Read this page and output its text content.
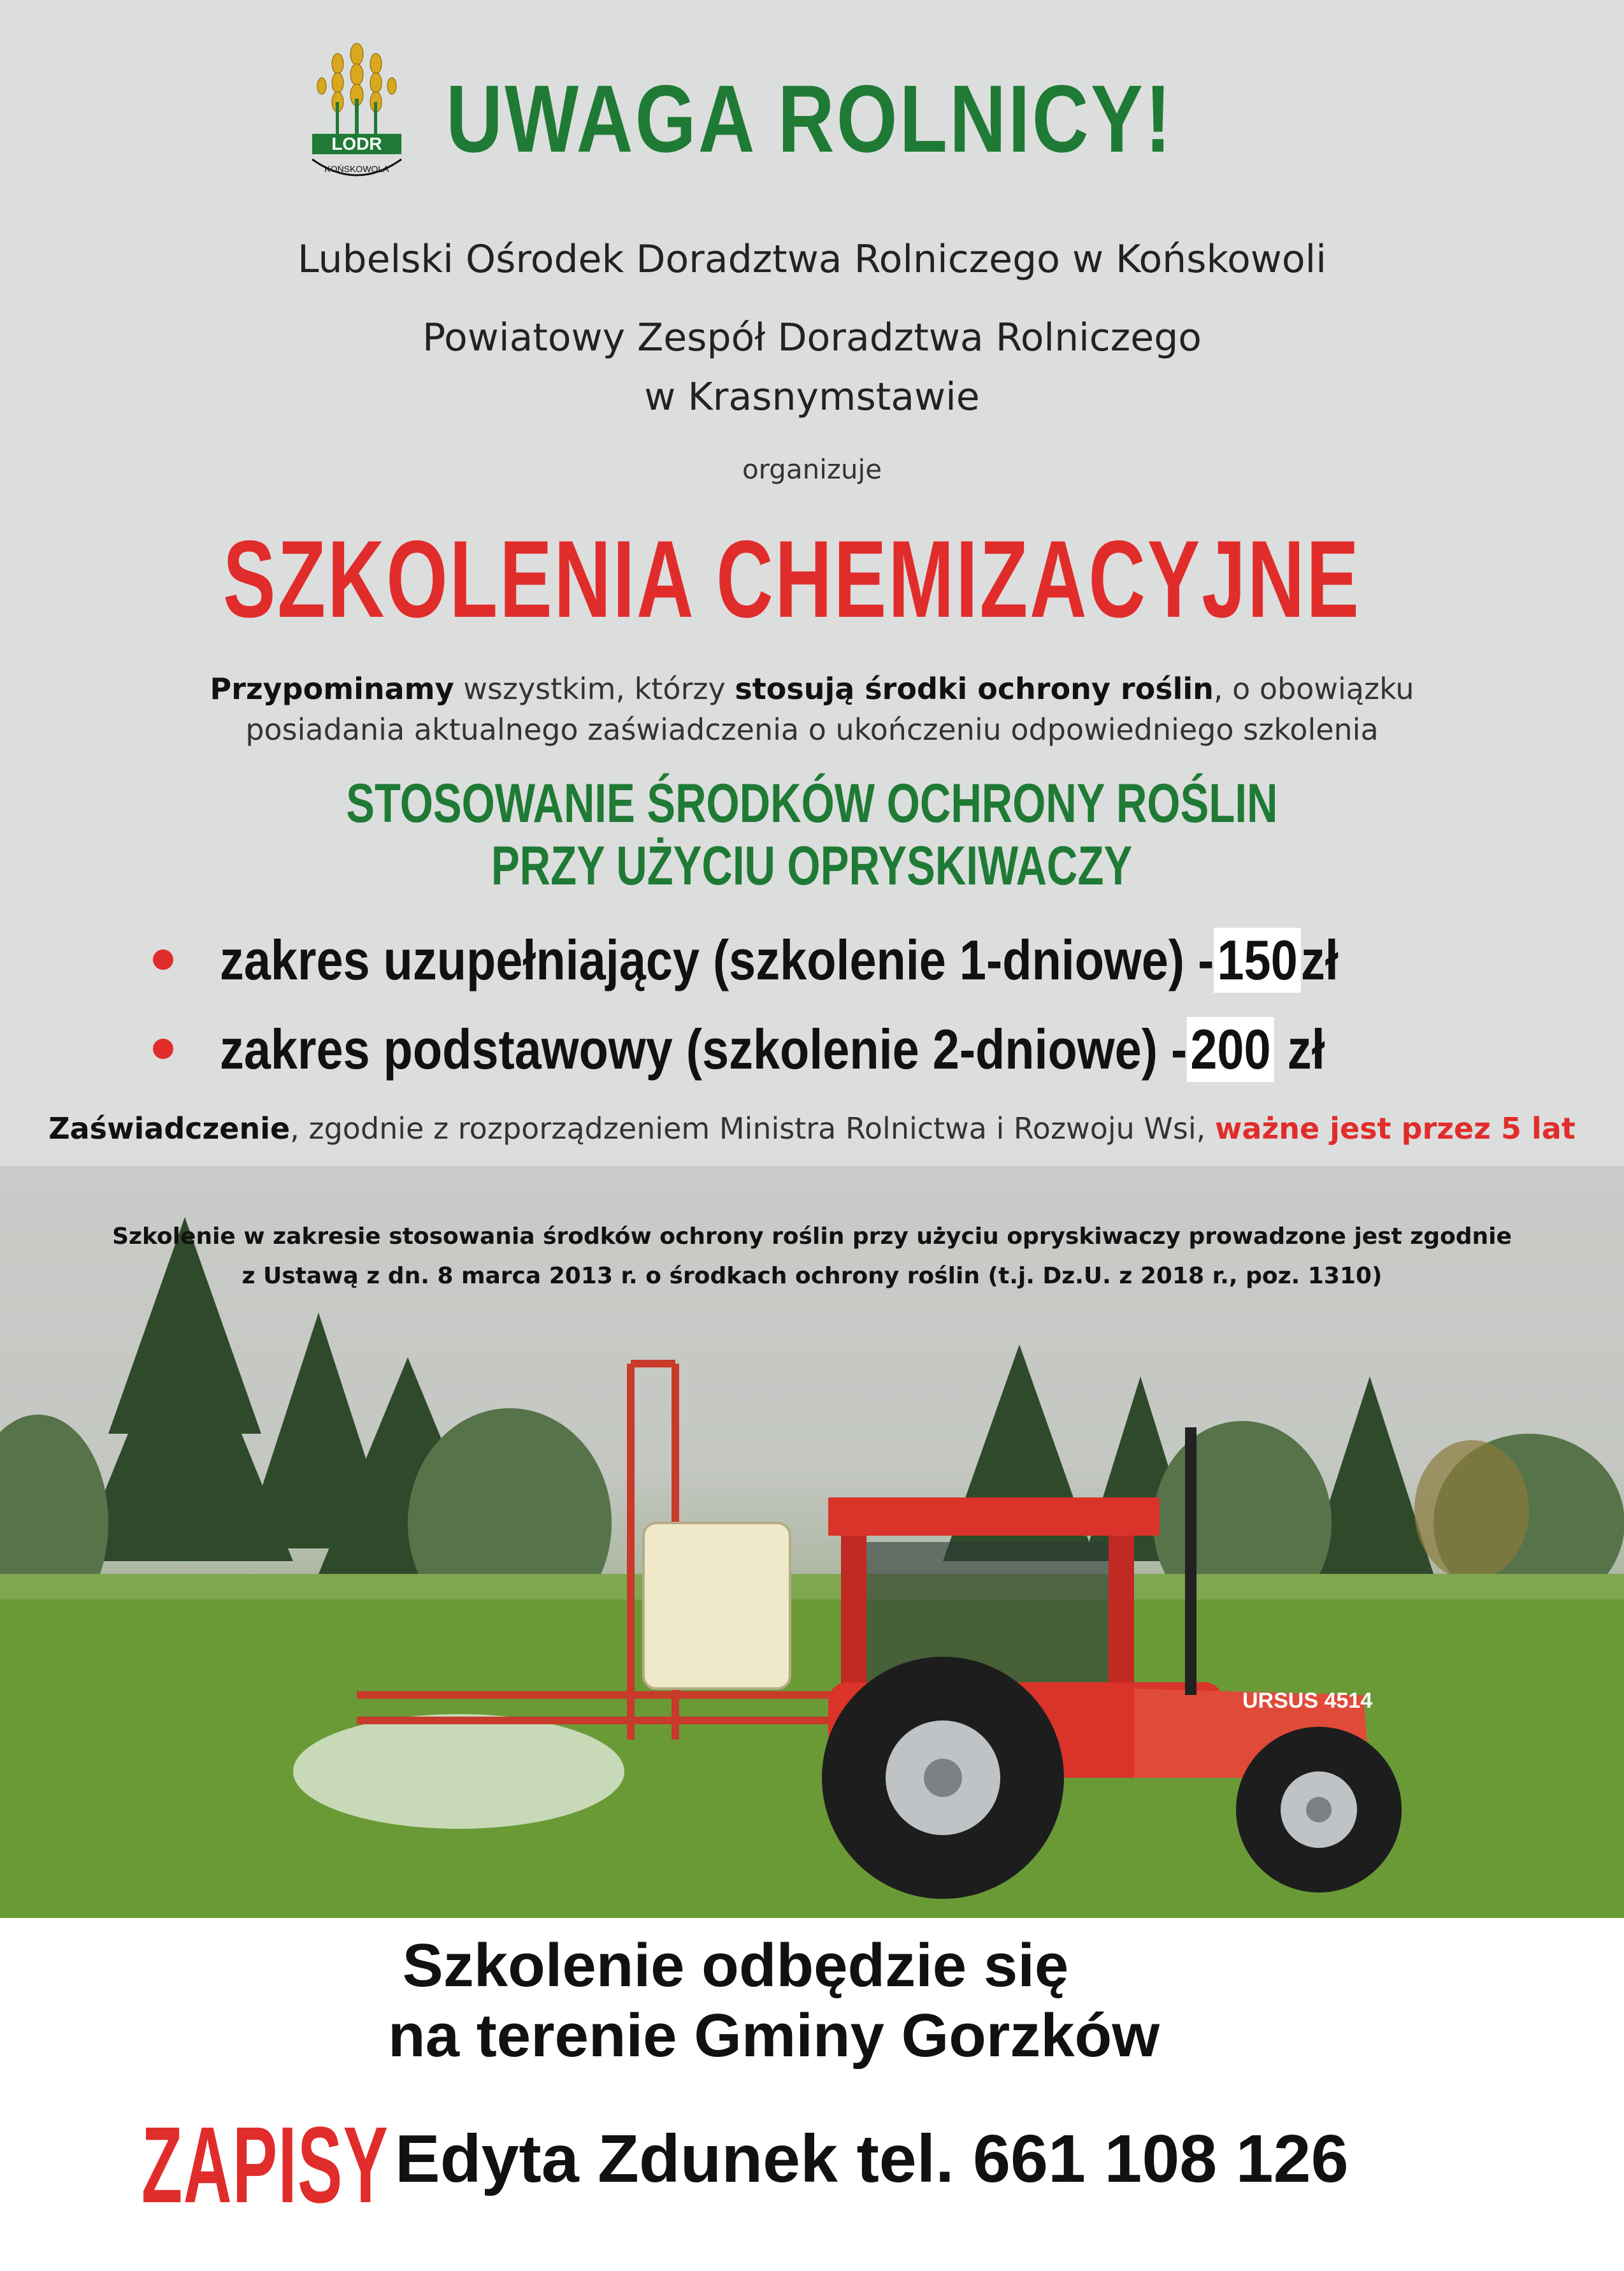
LODR
KOŃSKOWOLA UWAGA ROLNICY!
Lubelski Ośrodek Doradztwa Rolniczego w Końskowoli
Powiatowy Zespół Doradztwa Rolniczego
w Krasnymstawie
organizuje
SZKOLENIA CHEMIZACYJNE
Przypominamy wszystkim, którzy stosują środki ochrony roślin, o obowiązku
posiadania aktualnego zaświadczenia o ukończeniu odpowiedniego szkolenia
STOSOWANIE ŚRODKÓW OCHRONY ROŚLIN
PRZY UŻYCIU OPRYSKIWACZY
zakres uzupełniający (szkolenie 1-dniowe) -150zł
zakres podstawowy (szkolenie 2-dniowe) -200 zł
Zaświadczenie, zgodnie z rozporządzeniem Ministra Rolnictwa i Rozwoju Wsi, ważne jest przez 5 lat
URSUS 4514
Szkolenie w zakresie stosowania środków ochrony roślin przy użyciu opryskiwaczy prowadzone jest zgodnie
z Ustawą z dn. 8 marca 2013 r. o środkach ochrony roślin (t.j. Dz.U. z 2018 r., poz. 1310)
Szkolenie odbędzie się
na terenie Gminy Gorzków
ZAPISY Edyta Zdunek tel. 661 108 126
